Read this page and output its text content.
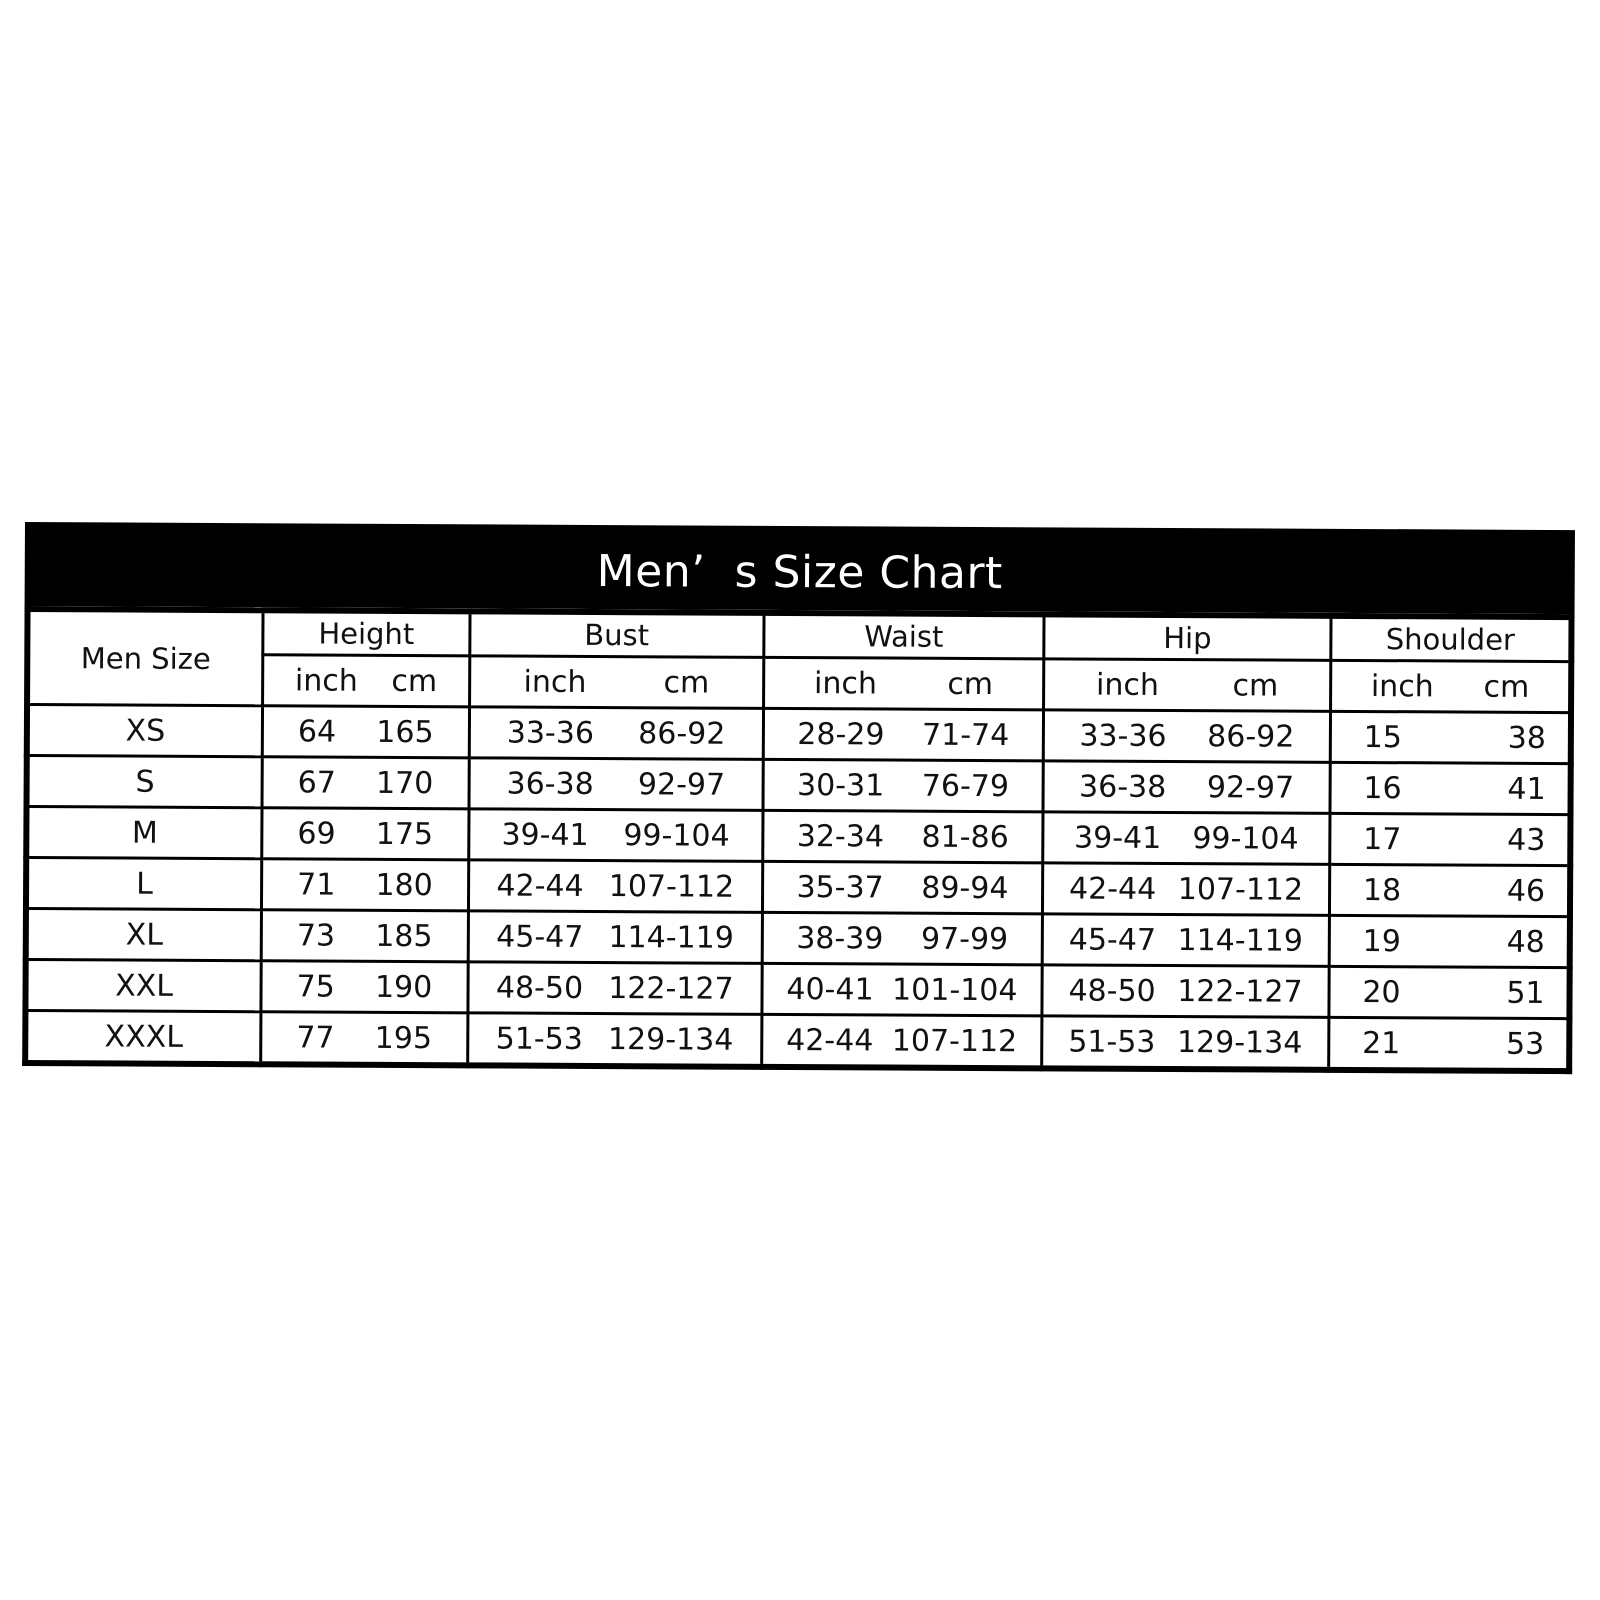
Men’  s Size Chart
Men Size	Height	Bust	Waist	Hip	Shoulder

	inch cm	inch cm	inch cm	inch cm	inch cm

XS	64 165	33-36 86-92	28-29 71-74	33-36 86-92	15 38

S	67 170	36-38 92-97	30-31 76-79	36-38 92-97	16 41

M	69 175	39-41 99-104	32-34 81-86	39-41 99-104	17 43

L	71 180	42-44 107-112	35-37 89-94	42-44 107-112	18 46

XL	73 185	45-47 114-119	38-39 97-99	45-47 114-119	19 48

XXL	75 190	48-50 122-127	40-41 101-104	48-50 122-127	20 51

XXXL	77 195	51-53 129-134	42-44 107-112	51-53 129-134	21 53
